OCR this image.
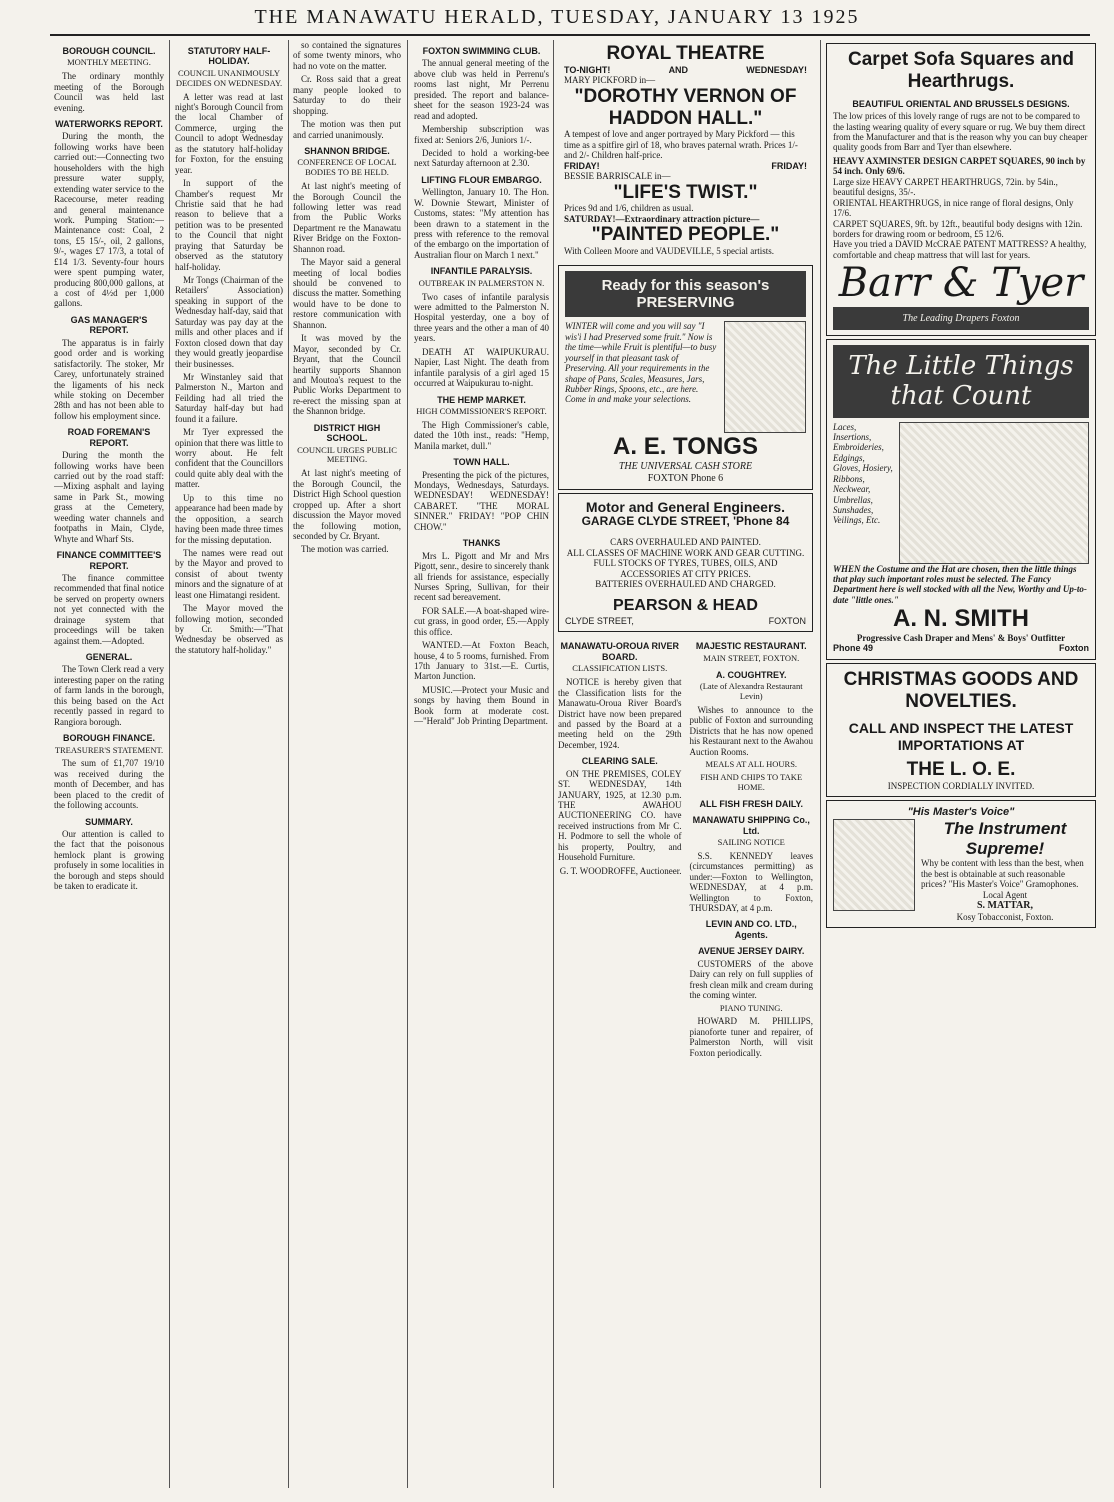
THE MANAWATU HERALD, TUESDAY, JANUARY 13 1925
BOROUGH COUNCIL.
MONTHLY MEETING.

The ordinary monthly meeting of the Borough Council was held last evening.

WATERWORKS REPORT.

During the month, the following works have been carried out:—Connecting two householders with the high pressure water supply, extending water service to the Racecourse, meter reading and general maintenance work. Pumping Station:—Maintenance cost: Coal, 2 tons, £5 15/-, oil, 2 gallons, 9/-, wages £7 17/3, a total of £14 1/3. Seventy-four hours were spent pumping water, producing 800,000 gallons, at a cost of 4½d per 1,000 gallons.

GAS MANAGER'S REPORT.

The apparatus is in fairly good order and is working satisfactorily. The stoker, Mr Carey, unfortunately strained the ligaments of his neck while stoking on December 28th and has not been able to follow his employment since.

ROAD FOREMAN'S REPORT.

During the month the following works have been carried out by the road staff:—Mixing asphalt and laying same in Park St., mowing grass at the Cemetery, weeding water channels and footpaths in Main, Clyde, Whyte and Wharf Sts.

FINANCE COMMITTEE'S REPORT.

The finance committee recommended that final notice be served on property owners not yet connected with the drainage system that proceedings will be taken against them.—Adopted.

GENERAL.

The Town Clerk read a very interesting paper on the rating of farm lands in the borough, this being based on the Act recently passed in regard to Rangiora borough.

BOROUGH FINANCE.
TREASURER'S STATEMENT.

The sum of £1,707 19/10 was received during the month of December, and has been placed to the credit of the following accounts.

SUMMARY.

Our attention is called to the fact that the poisonous hemlock plant is growing profusely in some localities in the borough and steps should be taken to eradicate it.

STATUTORY HALF-HOLIDAY.
COUNCIL UNANIMOUSLY DECIDES ON WEDNESDAY.

A letter was read at last night's Borough Council from the local Chamber of Commerce, urging the Council to adopt Wednesday as the statutory half-holiday for Foxton, for the ensuing year.

In support of the Chamber's request Mr Christie said that he had reason to believe that a petition was to be presented to the Council that night praying that Saturday be observed as the statutory half-holiday.

Mr Tongs (Chairman of the Retailers' Association) speaking in support of the Wednesday half-day, said that Saturday was pay day at the mills and other places and if Foxton closed down that day they would greatly jeopardise their businesses.

Mr Winstanley said that Palmerston N., Marton and Feilding had all tried the Saturday half-day but had found it a failure.

Mr Tyer expressed the opinion that there was little to worry about. He felt confident that the Councillors could quite ably deal with the matter.

Up to this time no appearance had been made by the opposition, a search having been made three times for the missing deputation.

The names were read out by the Mayor and proved to consist of about twenty minors and the signature of at least one Himatangi resident.

The Mayor moved the following motion, seconded by Cr. Smith:—"That Wednesday be observed as the statutory half-holiday."

so contained the signatures of some twenty minors, who had no vote on the matter.

Cr. Ross said that a great many people looked to Saturday to do their shopping.

The motion was then put and carried unanimously.

SHANNON BRIDGE.
CONFERENCE OF LOCAL BODIES TO BE HELD.

At last night's meeting of the Borough Council the following letter was read from the Public Works Department re the Manawatu River Bridge on the Foxton-Shannon road.

The Mayor said a general meeting of local bodies should be convened to discuss the matter. Something would have to be done to restore communication with Shannon.

It was moved by the Mayor, seconded by Cr. Bryant, that the Council heartily supports Shannon and Moutoa's request to the Public Works Department to re-erect the missing span at the Shannon bridge.

DISTRICT HIGH SCHOOL.
COUNCIL URGES PUBLIC MEETING.

At last night's meeting of the Borough Council, the District High School question cropped up. After a short discussion the Mayor moved the following motion, seconded by Cr. Bryant.

The motion was carried.

FOXTON SWIMMING CLUB.

The annual general meeting of the above club was held in Perrenu's rooms last night, Mr Perrenu presided. The report and balance-sheet for the season 1923-24 was read and adopted.

Membership subscription was fixed at: Seniors 2/6, Juniors 1/-.

Decided to hold a working-bee next Saturday afternoon at 2.30.

LIFTING FLOUR EMBARGO.

Wellington, January 10. The Hon. W. Downie Stewart, Minister of Customs, states: "My attention has been drawn to a statement in the press with reference to the removal of the embargo on the importation of Australian flour on March 1 next."

INFANTILE PARALYSIS.
OUTBREAK IN PALMERSTON N.

Two cases of infantile paralysis were admitted to the Palmerston N. Hospital yesterday, one a boy of three years and the other a man of 40 years.

DEATH AT WAIPUKURAU. Napier, Last Night. The death from infantile paralysis of a girl aged 15 occurred at Waipukurau to-night.

THE HEMP MARKET.
HIGH COMMISSIONER'S REPORT.

The High Commissioner's cable, dated the 10th inst., reads: "Hemp, Manila market, dull."

TOWN HALL.

Presenting the pick of the pictures, Mondays, Wednesdays, Saturdays. WEDNESDAY! WEDNESDAY! CABARET. "THE MORAL SINNER." FRIDAY! "POP CHIN CHOW."

THANKS

Mrs L. Pigott and Mr and Mrs Pigott, senr., desire to sincerely thank all friends for assistance, especially Nurses Spring, Sullivan, for their recent sad bereavement.

FOR SALE.—A boat-shaped wire-cut grass, in good order, £5.—Apply this office.

WANTED.—At Foxton Beach, house, 4 to 5 rooms, furnished. From 17th January to 31st.—E. Curtis, Marton Junction.

MUSIC.—Protect your Music and songs by having them Bound in Book form at moderate cost.—"Herald" Job Printing Department.

ROYAL THEATRE
TO-NIGHT!	AND	WEDNESDAY!
MARY PICKFORD in—
"DOROTHY VERNON OF HADDON HALL."
A tempest of love and anger portrayed by Mary Pickford — this time as a spitfire girl of 18, who braves paternal wrath. Prices 1/- and 2/- Children half-price.
FRIDAY!	FRIDAY!
BESSIE BARRISCALE in—
"LIFE'S TWIST."
Prices 9d and 1/6, children as usual.
SATURDAY!—Extraordinary attraction picture—
"PAINTED PEOPLE."
With Colleen Moore and VAUDEVILLE, 5 special artists.
Ready for this season's PRESERVING
WINTER will come and you will say "I wis'i I had Preserved some fruit." Now is the time—while Fruit is plentiful—to busy yourself in that pleasant task of Preserving. All your requirements in the shape of Pans, Scales, Measures, Jars, Rubber Rings, Spoons, etc., are here. Come in and make your selections.
A. E. TONGS
THE UNIVERSAL CASH STORE
FOXTON Phone 6
Motor and General Engineers.
GARAGE CLYDE STREET, 'Phone 84
CARS OVERHAULED AND PAINTED.
ALL CLASSES OF MACHINE WORK AND GEAR CUTTING.
FULL STOCKS OF TYRES, TUBES, OILS, AND ACCESSORIES AT CITY PRICES.
BATTERIES OVERHAULED AND CHARGED.
PEARSON & HEAD
CLYDE STREET,	FOXTON
MANAWATU-OROUA RIVER BOARD.
CLASSIFICATION LISTS.

NOTICE is hereby given that the Classification lists for the Manawatu-Oroua River Board's District have now been prepared and passed by the Board at a meeting held on the 29th December, 1924.

CLEARING SALE.

ON THE PREMISES, COLEY ST. WEDNESDAY, 14th JANUARY, 1925, at 12.30 p.m. THE AWAHOU AUCTIONEERING CO. have received instructions from Mr C. H. Podmore to sell the whole of his property, Poultry, and Household Furniture.

G. T. WOODROFFE, Auctioneer.
MAJESTIC RESTAURANT.
MAIN STREET, FOXTON.
A. COUGHTREY.
(Late of Alexandra Restaurant Levin)

Wishes to announce to the public of Foxton and surrounding Districts that he has now opened his Restaurant next to the Awahou Auction Rooms.

MEALS AT ALL HOURS.
FISH AND CHIPS TO TAKE HOME.
ALL FISH FRESH DAILY.
MANAWATU SHIPPING Co., Ltd.
SAILING NOTICE

S.S. KENNEDY leaves (circumstances permitting) as under:—Foxton to Wellington, WEDNESDAY, at 4 p.m. Wellington to Foxton, THURSDAY, at 4 p.m.

LEVIN AND CO. LTD., Agents.
AVENUE JERSEY DAIRY.

CUSTOMERS of the above Dairy can rely on full supplies of fresh clean milk and cream during the coming winter.

PIANO TUNING.

HOWARD M. PHILLIPS, pianoforte tuner and repairer, of Palmerston North, will visit Foxton periodically.

Carpet Sofa Squares and Hearthrugs.
BEAUTIFUL ORIENTAL AND BRUSSELS DESIGNS.
The low prices of this lovely range of rugs are not to be compared to the lasting wearing quality of every square or rug. We buy them direct from the Manufacturer and that is the reason why you can buy cheaper quality goods from Barr and Tyer than elsewhere.
HEAVY AXMINSTER DESIGN CARPET SQUARES, 90 inch by 54 inch. Only 69/6.
Large size HEAVY CARPET HEARTHRUGS, 72in. by 54in., beautiful designs, 35/-.
ORIENTAL HEARTHRUGS, in nice range of floral designs, Only 17/6.
CARPET SQUARES, 9ft. by 12ft., beautiful body designs with 12in. borders for drawing room or bedroom, £5 12/6.
Have you tried a DAVID McCRAE PATENT MATTRESS? A healthy, comfortable and cheap mattress that will last for years.
Barr & Tyer
The Leading Drapers Foxton
The Little Things that Count
Laces, Insertions, Embroideries, Edgings, Gloves, Hosiery, Ribbons, Neckwear, Umbrellas, Sunshades, Veilings, Etc.
WHEN the Costume and the Hat are chosen, then the little things that play such important roles must be selected. The Fancy Department here is well stocked with all the New, Worthy and Up-to-date "little ones."
A. N. SMITH
Progressive Cash Draper and Mens' & Boys' Outfitter
Phone 49	Foxton
CHRISTMAS GOODS AND NOVELTIES.
CALL AND INSPECT THE LATEST IMPORTATIONS AT
THE L. O. E.
INSPECTION CORDIALLY INVITED.
"His Master's Voice"
The Instrument Supreme!
Why be content with less than the best, when the best is obtainable at such reasonable prices? "His Master's Voice" Gramophones.
Local Agent
S. MATTAR,
Kosy Tobacconist, Foxton.
